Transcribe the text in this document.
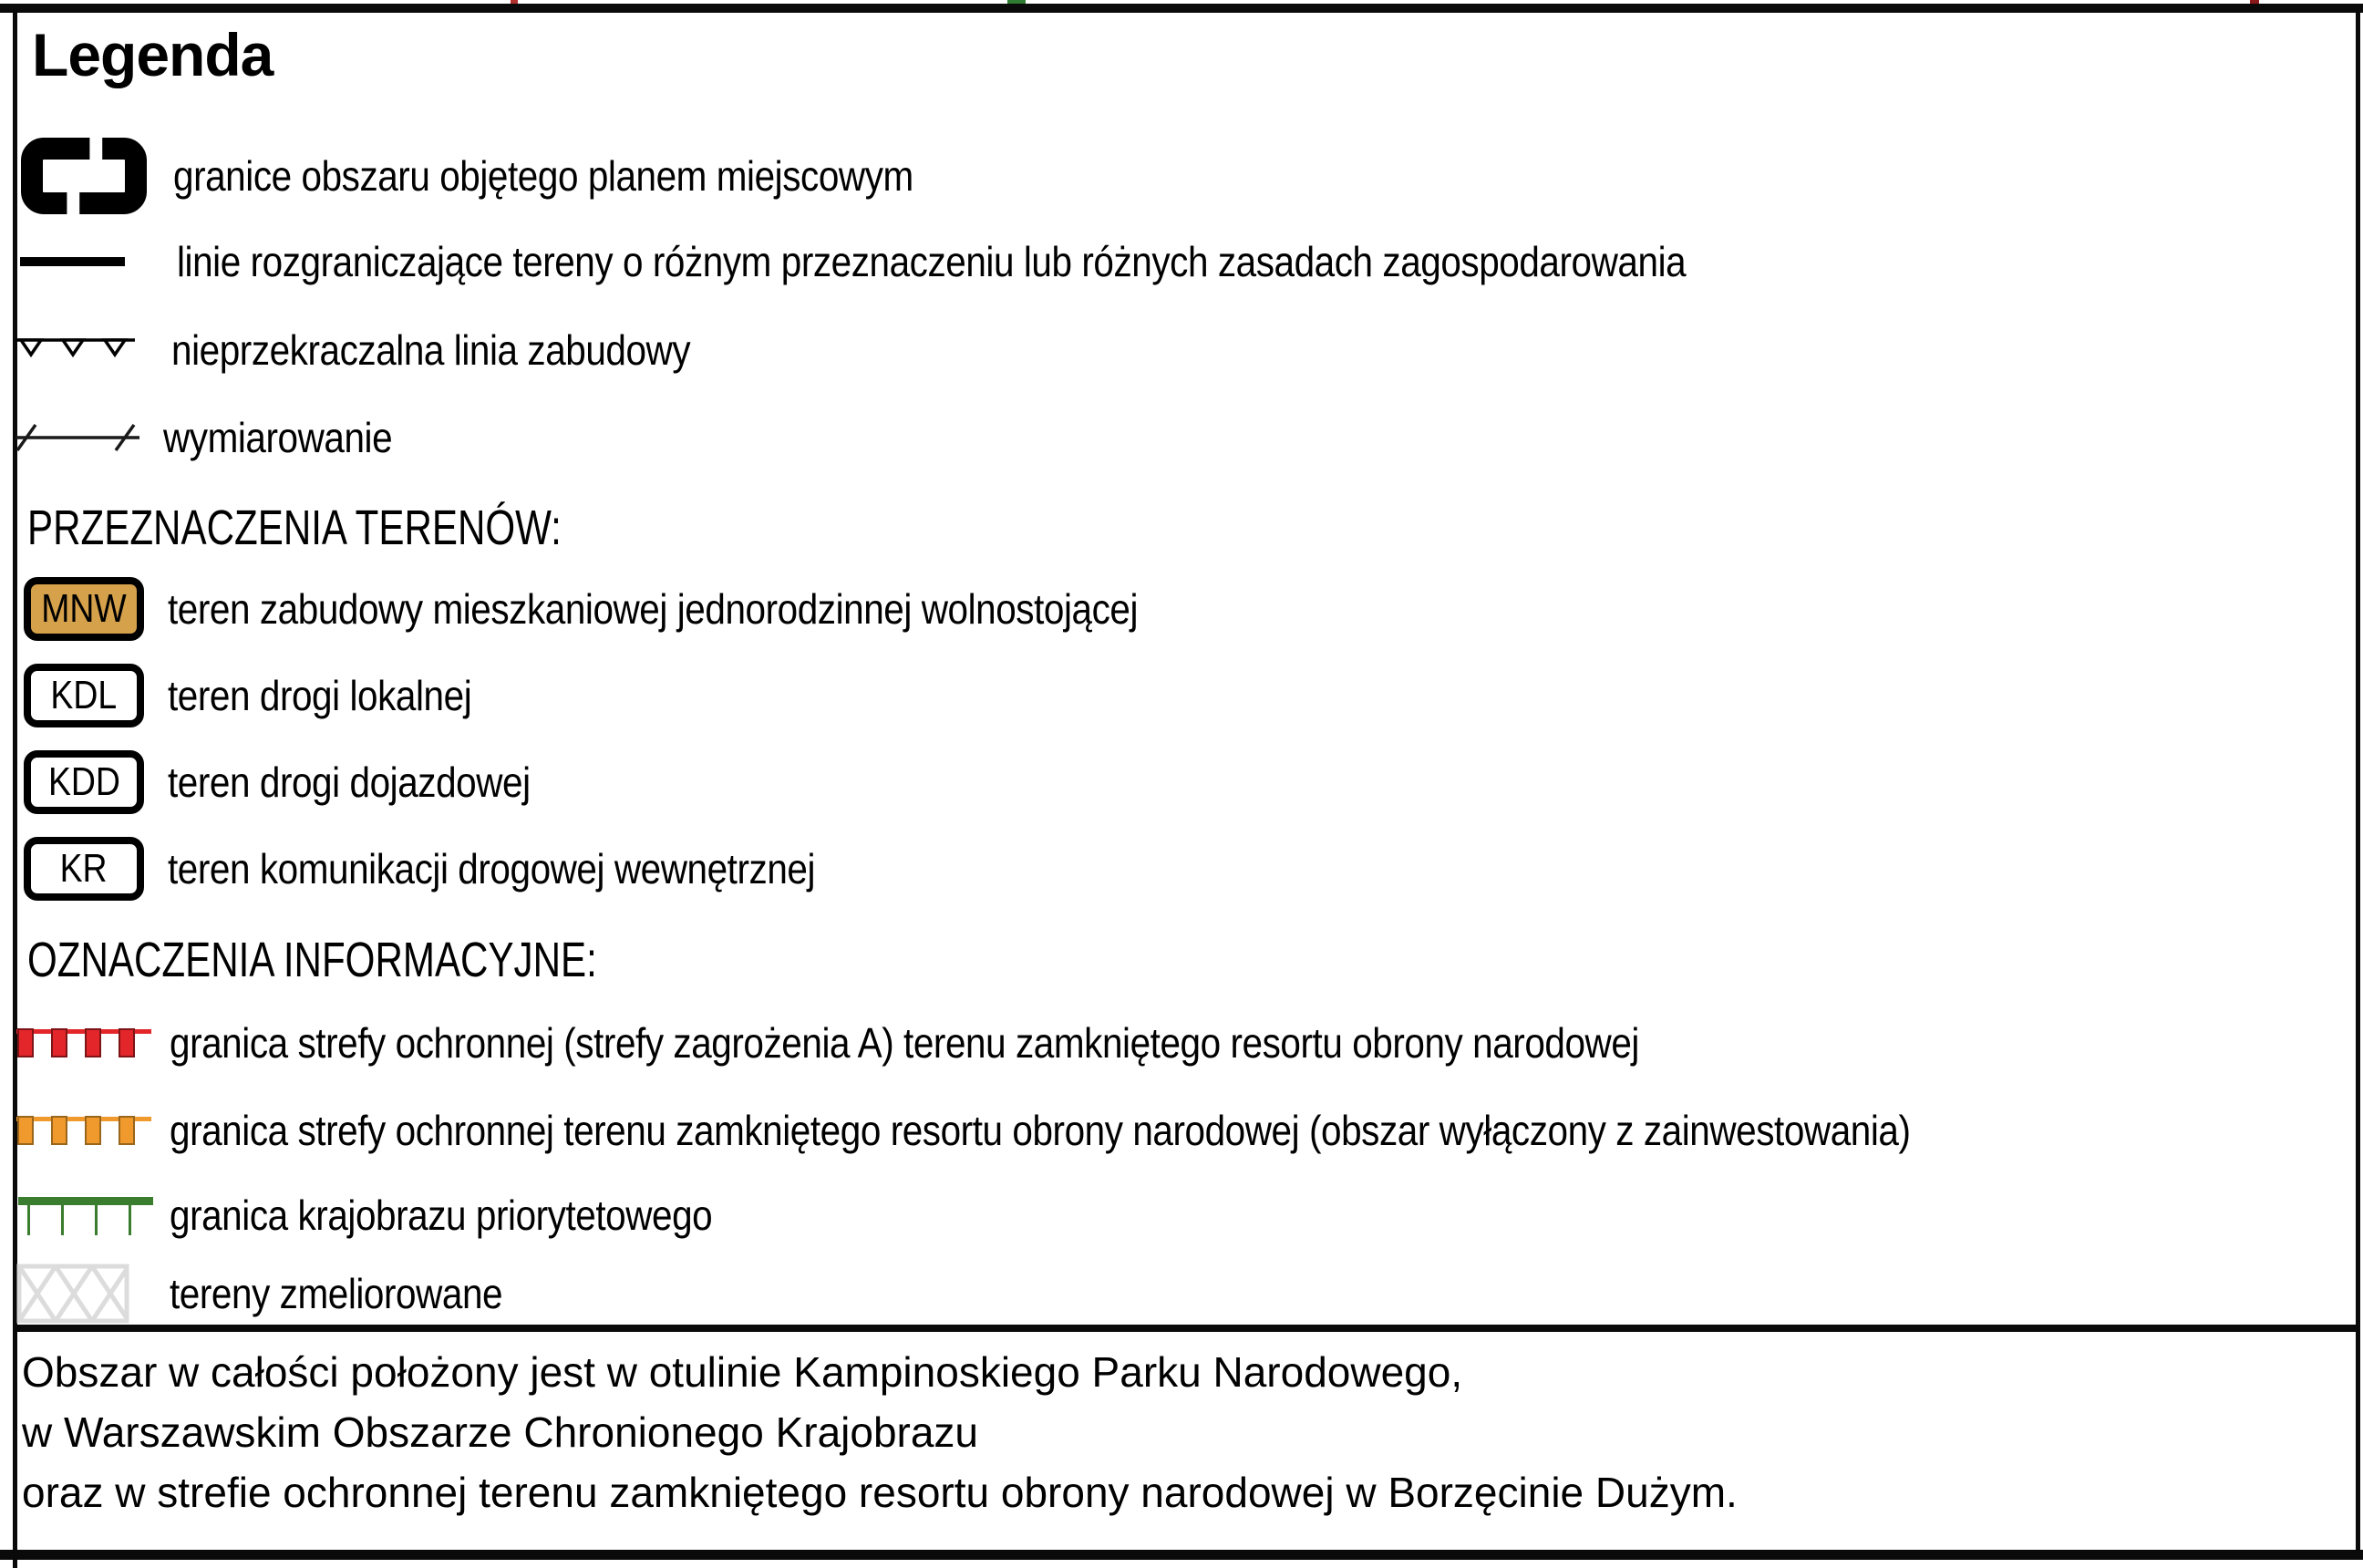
Legenda
granice obszaru objętego planem miejscowym
linie rozgraniczające tereny o różnym przeznaczeniu lub różnych zasadach zagospodarowania
nieprzekraczalna linia zabudowy
wymiarowanie
PRZEZNACZENIA TERENÓW:
MNW teren zabudowy mieszkaniowej jednorodzinnej wolnostojącej
KDL teren drogi lokalnej
KDD teren drogi dojazdowej
KR teren komunikacji drogowej wewnętrznej
OZNACZENIA INFORMACYJNE:
granica strefy ochronnej (strefy zagrożenia A) terenu zamkniętego resortu obrony narodowej
granica strefy ochronnej terenu zamkniętego resortu obrony narodowej (obszar wyłączony z zainwestowania)
granica krajobrazu priorytetowego
tereny zmeliorowane
Obszar w całości położony jest w otulinie Kampinoskiego Parku Narodowego,
w Warszawskim Obszarze Chronionego Krajobrazu
oraz w strefie ochronnej terenu zamkniętego resortu obrony narodowej w Borzęcinie Dużym.
